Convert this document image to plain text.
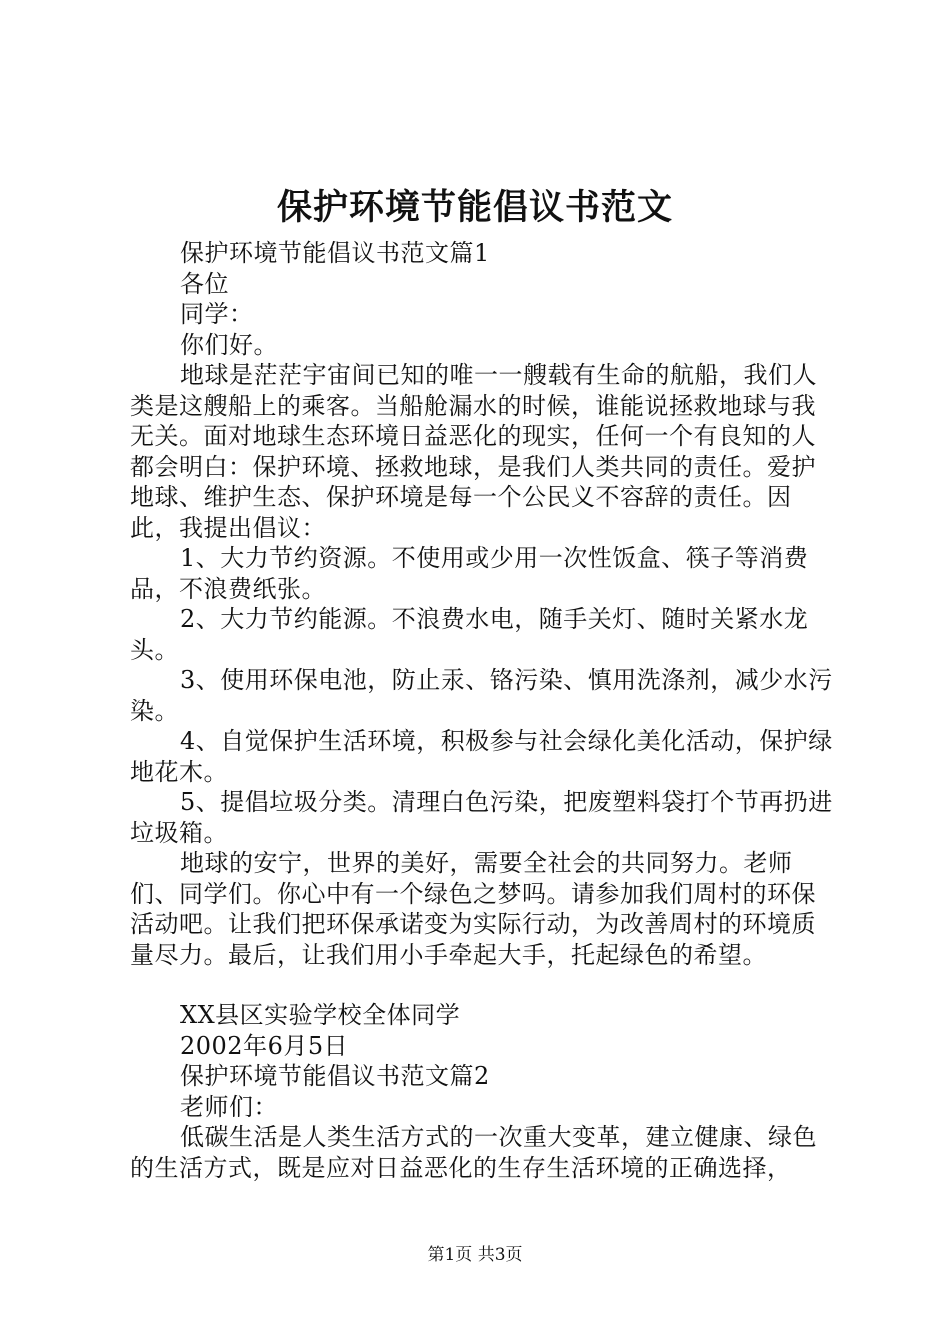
保护环境节能倡议书范文

保护环境节能倡议书范文篇1

各位

同学：

你们好。

地球是茫茫宇宙间已知的唯一一艘载有生命的航船，我们人类是这艘船上的乘客。当船舱漏水的时候，谁能说拯救地球与我无关。面对地球生态环境日益恶化的现实，任何一个有良知的人都会明白：保护环境、拯救地球，是我们人类共同的责任。爱护地球、维护生态、保护环境是每一个公民义不容辞的责任。因此，我提出倡议：

1、大力节约资源。不使用或少用一次性饭盒、筷子等消费品，不浪费纸张。

2、大力节约能源。不浪费水电，随手关灯、随时关紧水龙头。

3、使用环保电池，防止汞、铬污染、慎用洗涤剂，减少水污染。

4、自觉保护生活环境，积极参与社会绿化美化活动，保护绿地花木。

5、提倡垃圾分类。清理白色污染，把废塑料袋打个节再扔进垃圾箱。

地球的安宁，世界的美好，需要全社会的共同努力。老师们、同学们。你心中有一个绿色之梦吗。请参加我们周村的环保活动吧。让我们把环保承诺变为实际行动，为改善周村的环境质量尽力。最后，让我们用小手牵起大手，托起绿色的希望。

XX县区实验学校全体同学

2002年6月5日

保护环境节能倡议书范文篇2

老师们：

低碳生活是人类生活方式的一次重大变革，建立健康、绿色的生活方式，既是应对日益恶化的生存生活环境的正确选择，

第1页 共3页
